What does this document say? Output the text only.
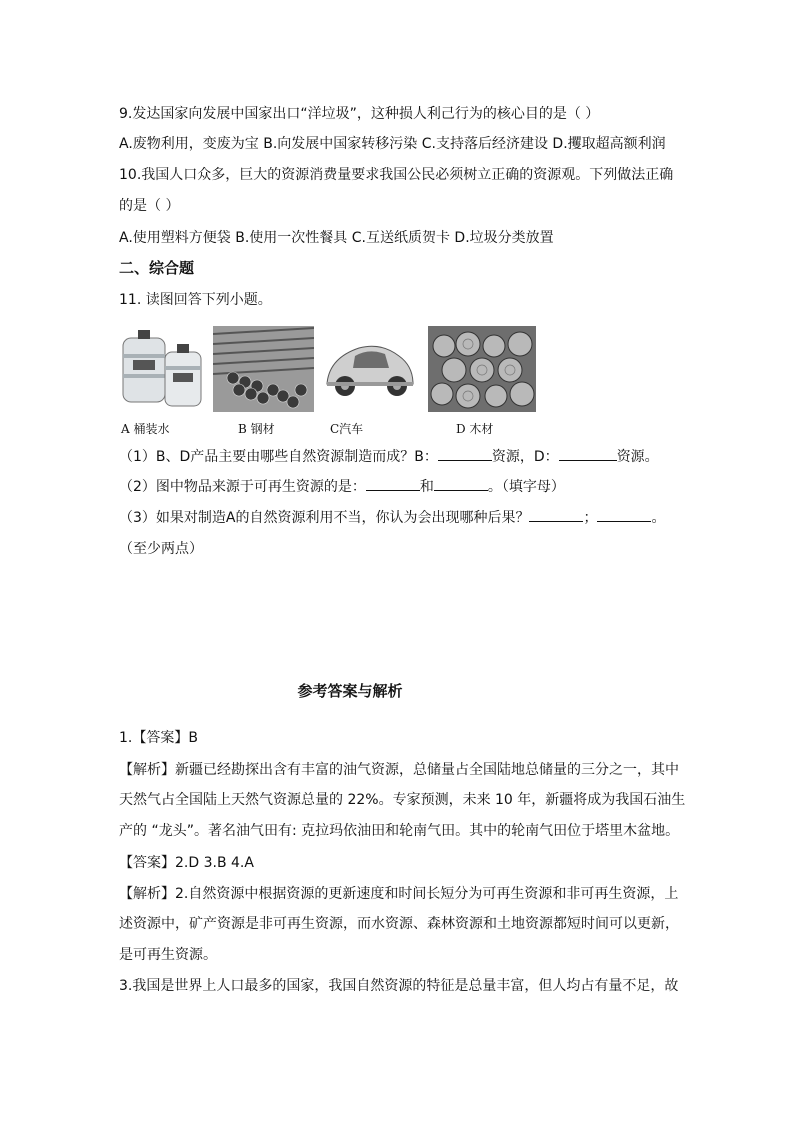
9.发达国家向发展中国家出口“洋垃圾”，这种损人利己行为的核心目的是（ ）
A.废物利用，变废为宝 B.向发展中国家转移污染 C.支持落后经济建设 D.攫取超高额利润
10.我国人口众多，巨大的资源消费量要求我国公民必须树立正确的资源观。下列做法正确
的是（ ）
A.使用塑料方便袋 B.使用一次性餐具 C.互送纸质贺卡 D.垃圾分类放置
二、综合题
11. 读图回答下列小题。
A 桶装水	B 钢材	C汽车	D 木材
（1）B、D产品主要由哪些自然资源制造而成？B：	资源，D：	资源。
（2）图中物品来源于可再生资源的是：	和	。（填字母）
（3）如果对制造A的自然资源利用不当，你认为会出现哪种后果？	；	。
（至少两点）
参考答案与解析
1.【答案】B
【解析】新疆已经勘探出含有丰富的油气资源，总储量占全国陆地总储量的三分之一，其中
天然气占全国陆上天然气资源总量的 22%。专家预测，未来 10 年，新疆将成为我国石油生
产的 “龙头”。著名油气田有: 克拉玛依油田和轮南气田。其中的轮南气田位于塔里木盆地。
【答案】2.D 3.B 4.A
【解析】2.自然资源中根据资源的更新速度和时间长短分为可再生资源和非可再生资源，上
述资源中，矿产资源是非可再生资源，而水资源、森林资源和土地资源都短时间可以更新，
是可再生资源。
3.我国是世界上人口最多的国家，我国自然资源的特征是总量丰富，但人均占有量不足，故
